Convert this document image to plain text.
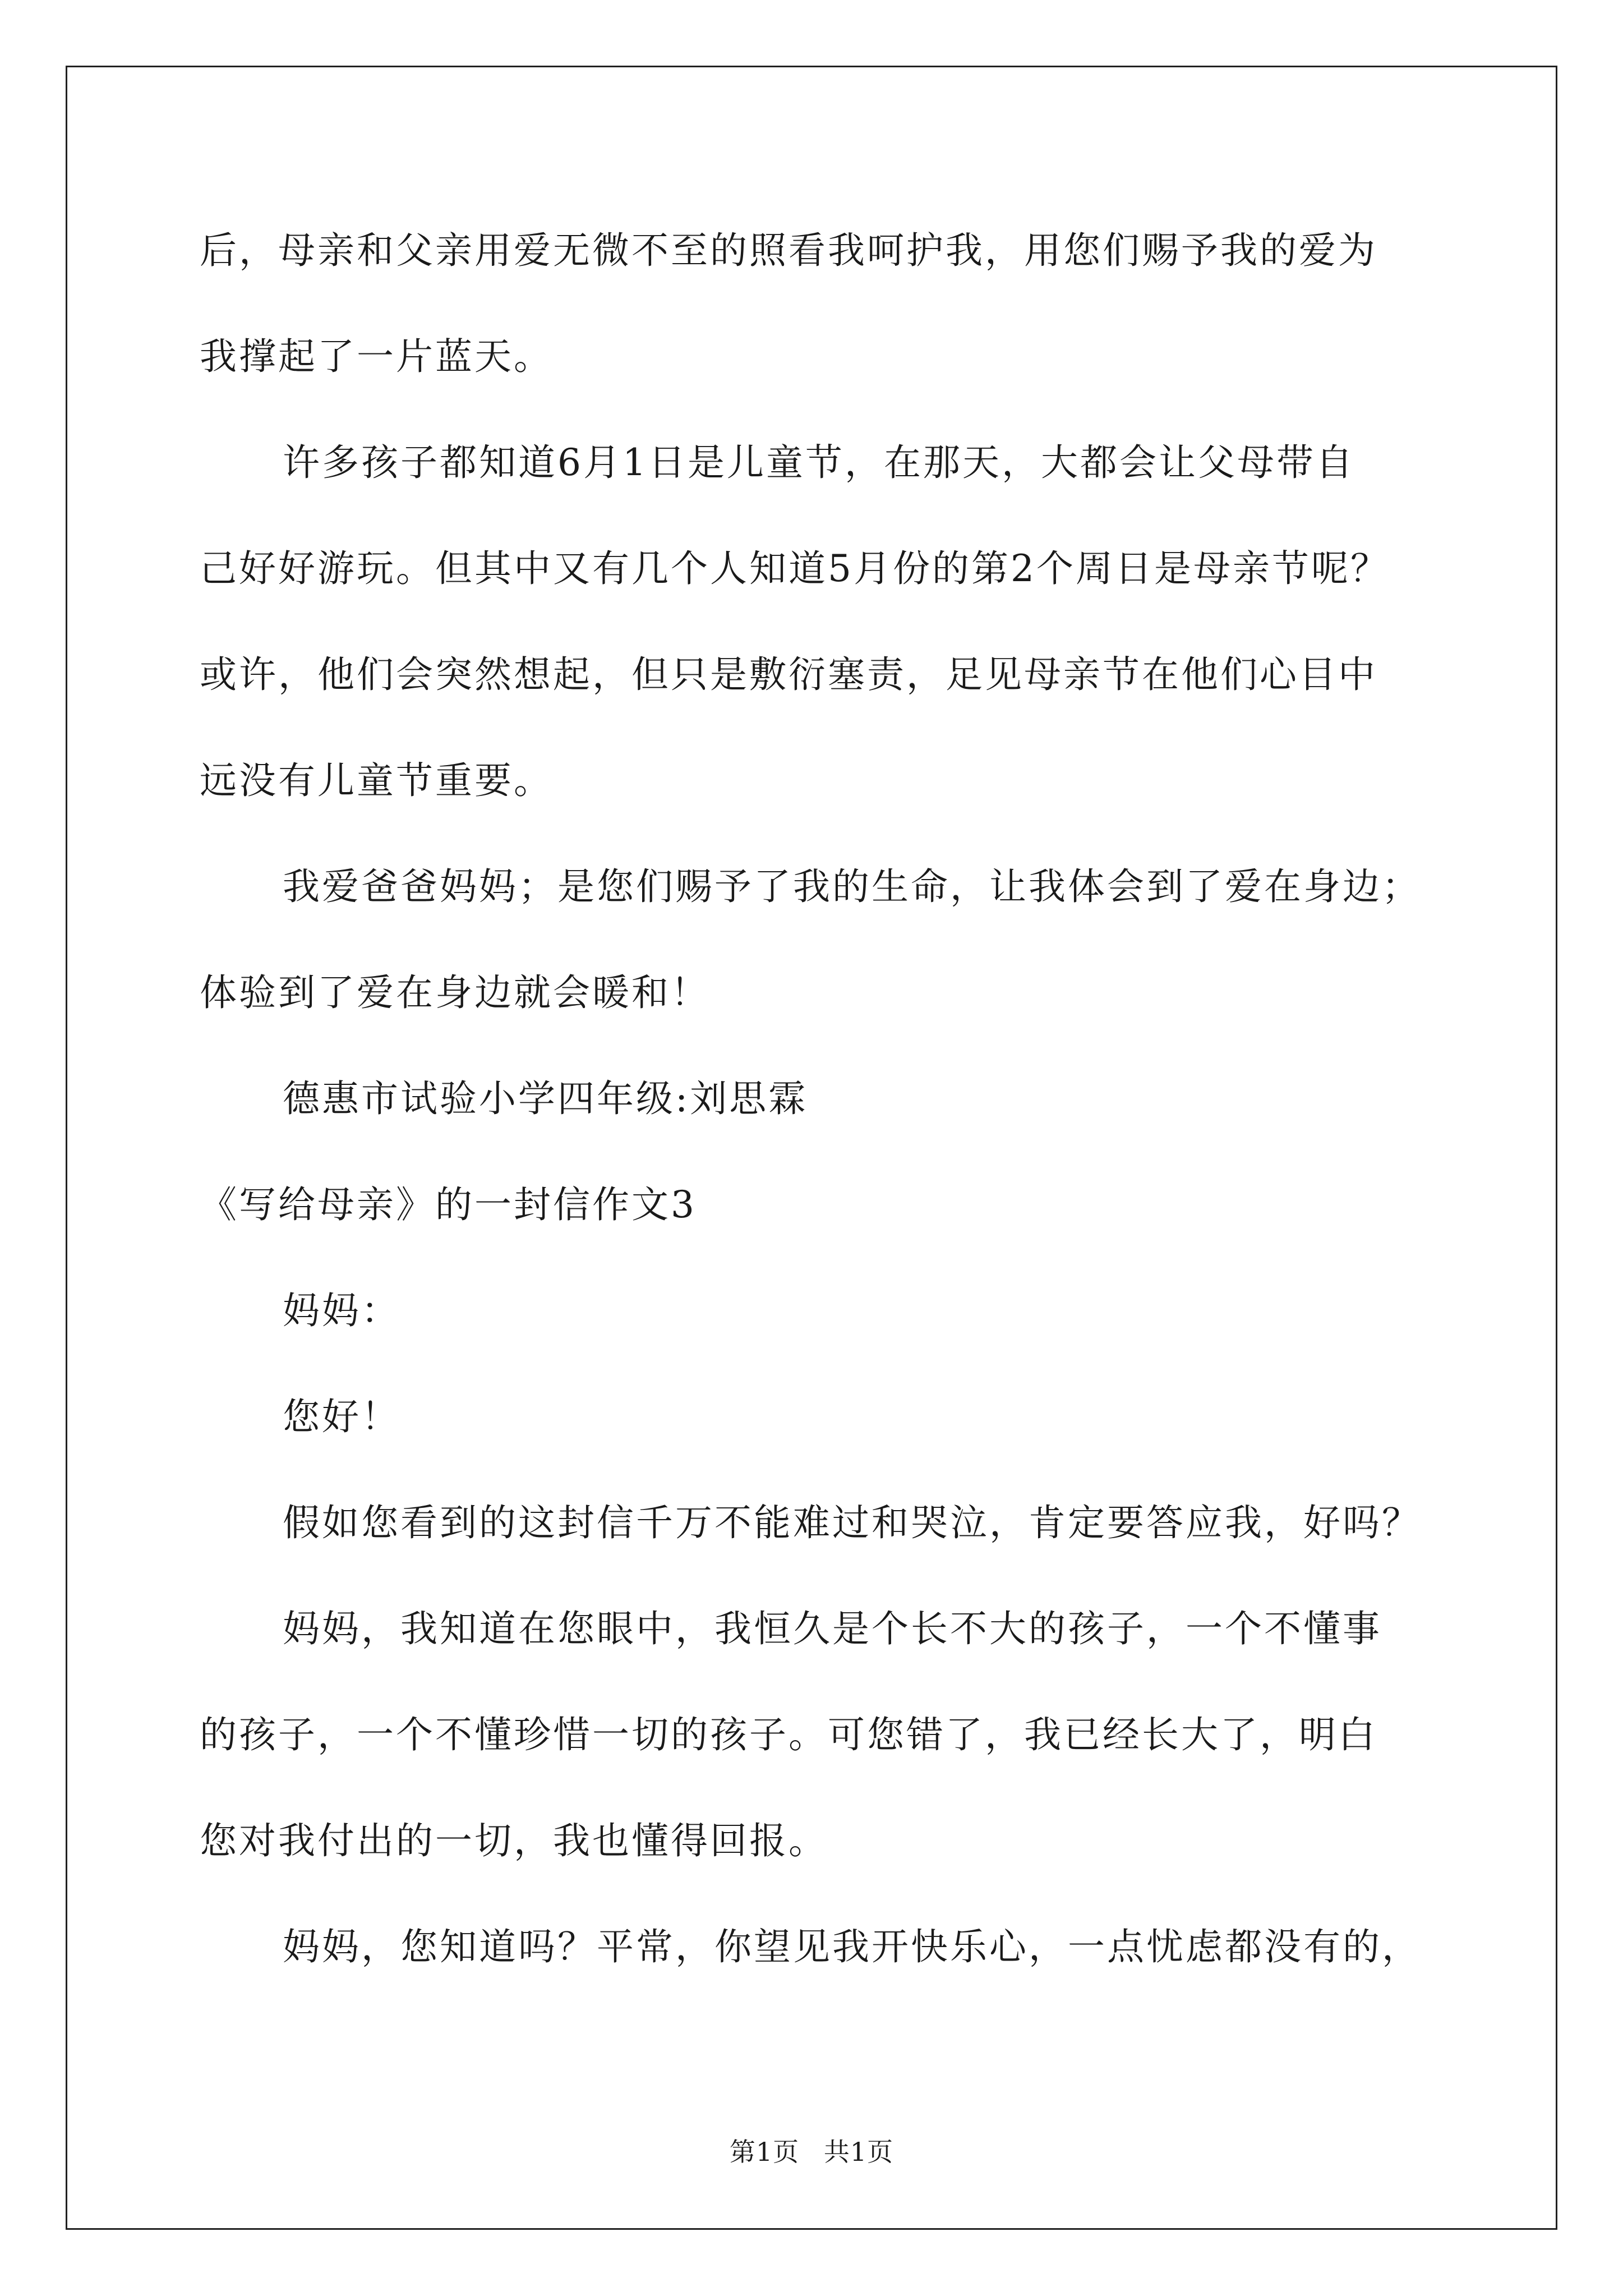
后，母亲和父亲用爱无微不至的照看我呵护我，用您们赐予我的爱为
我撑起了一片蓝天。
许多孩子都知道6月1日是儿童节，在那天，大都会让父母带自
己好好游玩。但其中又有几个人知道5月份的第2个周日是母亲节呢？
或许，他们会突然想起，但只是敷衍塞责，足见母亲节在他们心目中
远没有儿童节重要。
我爱爸爸妈妈；是您们赐予了我的生命，让我体会到了爱在身边；
体验到了爱在身边就会暖和！
德惠市试验小学四年级:刘思霖
《写给母亲》的一封信作文3
妈妈：
您好！
假如您看到的这封信千万不能难过和哭泣，肯定要答应我，好吗？
妈妈，我知道在您眼中，我恒久是个长不大的孩子，一个不懂事
的孩子，一个不懂珍惜一切的孩子。可您错了，我已经长大了，明白
您对我付出的一切，我也懂得回报。
妈妈，您知道吗？平常，你望见我开快乐心，一点忧虑都没有的，
第1页 共1页
